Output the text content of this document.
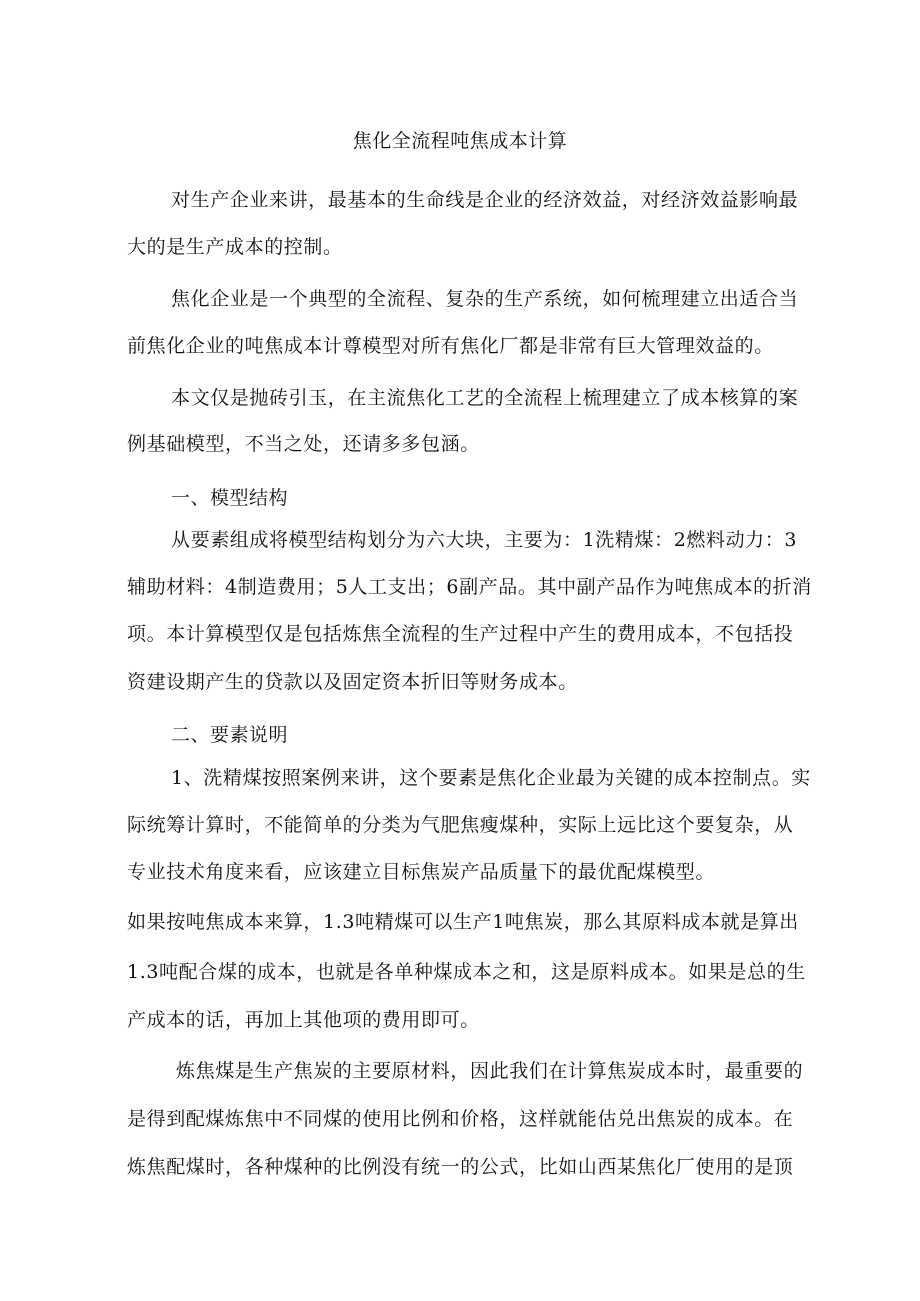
焦化全流程吨焦成本计算
对生产企业来讲，最基本的生命线是企业的经济效益，对经济效益影响最
大的是生产成本的控制。
焦化企业是一个典型的全流程、复杂的生产系统，如何梳理建立出适合当
前焦化企业的吨焦成本计尊模型对所有焦化厂都是非常有巨大管理效益的。
本文仅是抛砖引玉，在主流焦化工艺的全流程上梳理建立了成本核算的案
例基础模型，不当之处，还请多多包涵。
一、模型结构
从要素组成将模型结构划分为六大块，主要为：1洗精煤：2燃料动力：3
辅助材料：4制造费用；5人工支出；6副产品。其中副产品作为吨焦成本的折消
项。本计算模型仅是包括炼焦全流程的生产过程中产生的费用成本，不包括投
资建设期产生的贷款以及固定资本折旧等财务成本。
二、要素说明
1、洗精煤按照案例来讲，这个要素是焦化企业最为关键的成本控制点。实
际统筹计算时，不能简单的分类为气肥焦瘦煤种，实际上远比这个要复杂，从
专业技术角度来看，应该建立目标焦炭产品质量下的最优配煤模型。
如果按吨焦成本来算，1.3吨精煤可以生产1吨焦炭，那么其原料成本就是算出
1.3吨配合煤的成本，也就是各单种煤成本之和，这是原料成本。如果是总的生
产成本的话，再加上其他项的费用即可。
炼焦煤是生产焦炭的主要原材料，因此我们在计算焦炭成本时，最重要的
是得到配煤炼焦中不同煤的使用比例和价格，这样就能估兑出焦炭的成本。在
炼焦配煤时，各种煤种的比例没有统一的公式，比如山西某焦化厂使用的是顶
